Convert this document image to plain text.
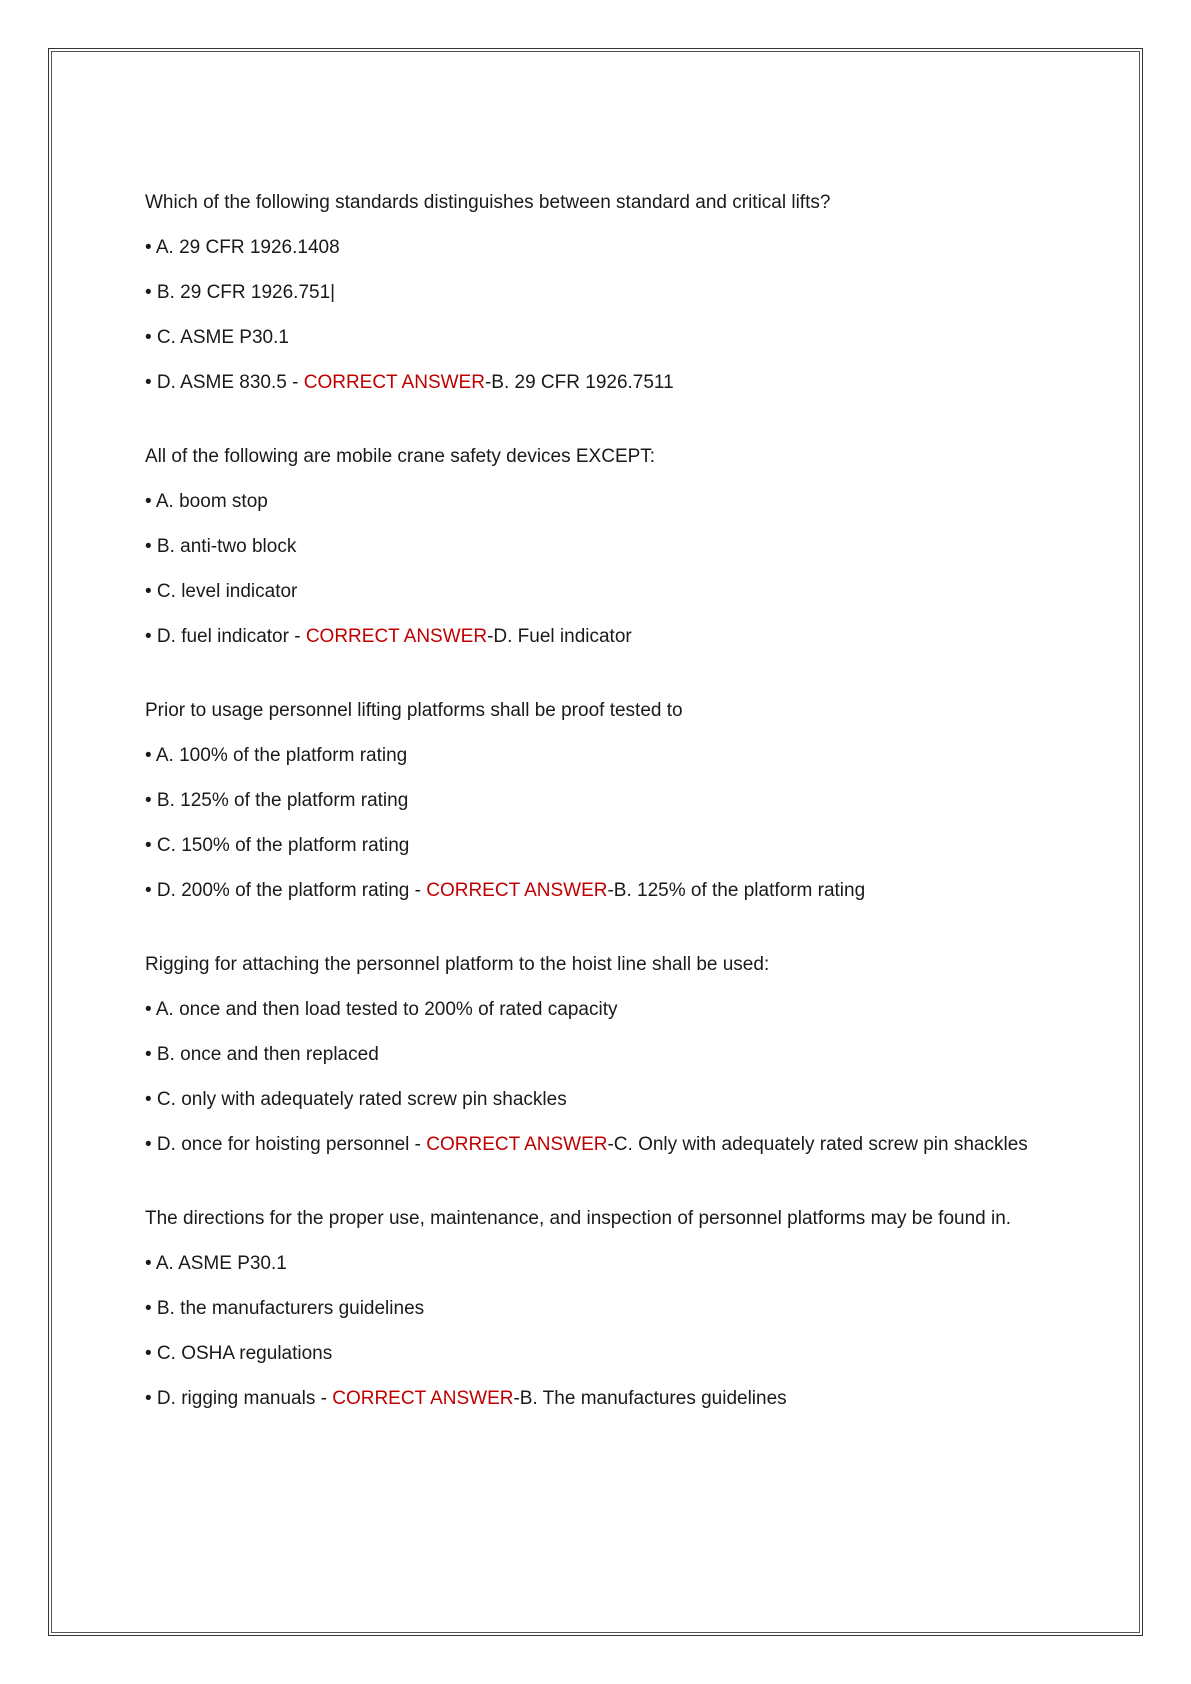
Which of the following standards distinguishes between standard and critical lifts?

• A. 29 CFR 1926.1408

• B. 29 CFR 1926.751|

• C. ASME P30.1

• D. ASME 830.5 - CORRECT ANSWER-B. 29 CFR 1926.7511

All of the following are mobile crane safety devices EXCEPT:

• A. boom stop

• B. anti-two block

• C. level indicator

• D. fuel indicator - CORRECT ANSWER-D. Fuel indicator

Prior to usage personnel lifting platforms shall be proof tested to

• A. 100% of the platform rating

• B. 125% of the platform rating

• C. 150% of the platform rating

• D. 200% of the platform rating - CORRECT ANSWER-B. 125% of the platform rating

Rigging for attaching the personnel platform to the hoist line shall be used:

• A. once and then load tested to 200% of rated capacity

• B. once and then replaced

• C. only with adequately rated screw pin shackles

• D. once for hoisting personnel - CORRECT ANSWER-C. Only with adequately rated screw pin shackles

The directions for the proper use, maintenance, and inspection of personnel platforms may be found in.

• A. ASME P30.1

• B. the manufacturers guidelines

• C. OSHA regulations

• D. rigging manuals - CORRECT ANSWER-B. The manufactures guidelines
